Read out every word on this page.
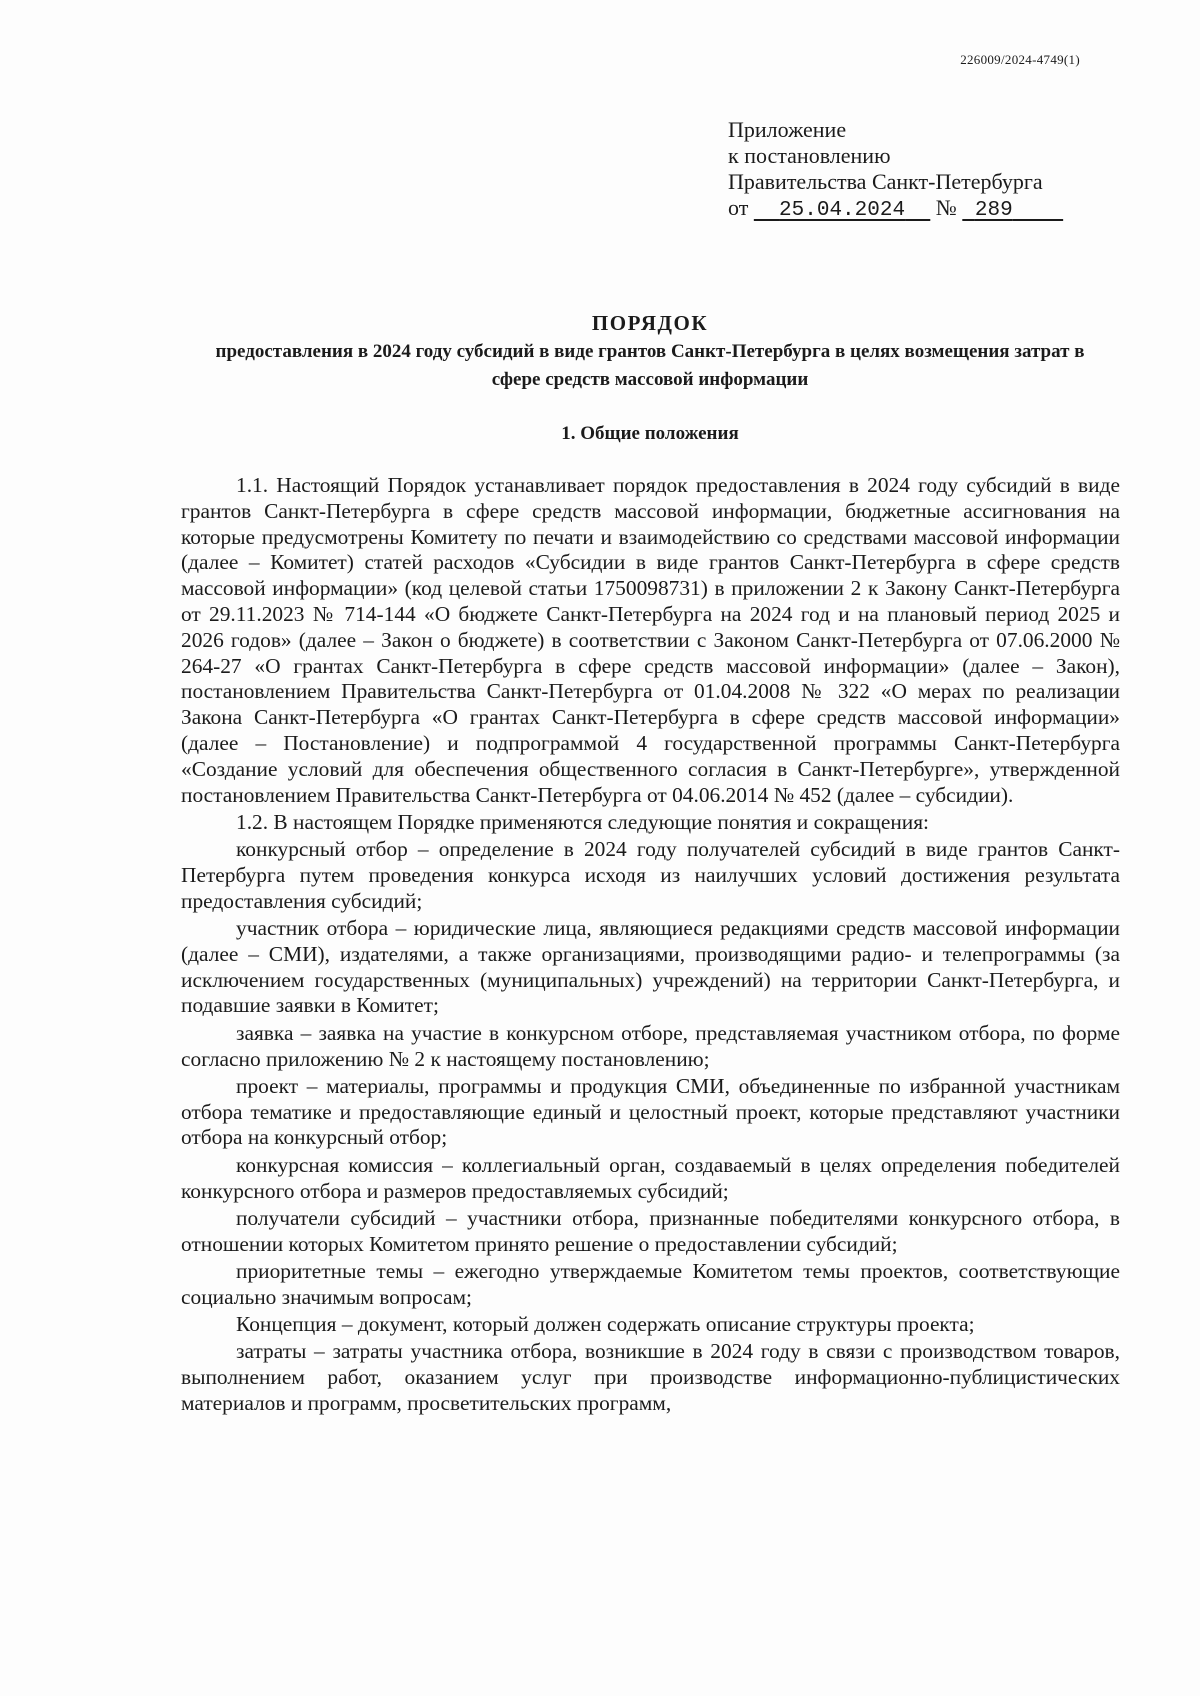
226009/2024-4749(1)
Приложение
к постановлению
Правительства Санкт-Петербурга
от 25.04.2024 № 289
ПОРЯДОК
предоставления в 2024 году субсидий в виде грантов Санкт-Петербурга в целях возмещения затрат в сфере средств массовой информации
1. Общие положения

1.1. Настоящий Порядок устанавливает порядок предоставления в 2024 году субсидий в виде грантов Санкт-Петербурга в сфере средств массовой информации, бюджетные ассигнования на которые предусмотрены Комитету по печати и взаимодействию со средствами массовой информации (далее – Комитет) статей расходов «Субсидии в виде грантов Санкт-Петербурга в сфере средств массовой информации» (код целевой статьи 1750098731) в приложении 2 к Закону Санкт-Петербурга от 29.11.2023 № 714-144 «О бюджете Санкт-Петербурга на 2024 год и на плановый период 2025 и 2026 годов» (далее – Закон о бюджете) в соответствии с Законом Санкт-Петербурга от 07.06.2000 № 264-27 «О грантах Санкт-Петербурга в сфере средств массовой информации» (далее – Закон), постановлением Правительства Санкт-Петербурга от 01.04.2008 № 322 «О мерах по реализации Закона Санкт-Петербурга «О грантах Санкт-Петербурга в сфере средств массовой информации» (далее – Постановление) и подпрограммой 4 государственной программы Санкт-Петербурга «Создание условий для обеспечения общественного согласия в Санкт-Петербурге», утвержденной постановлением Правительства Санкт-Петербурга от 04.06.2014 № 452 (далее – субсидии).

1.2. В настоящем Порядке применяются следующие понятия и сокращения:

конкурсный отбор – определение в 2024 году получателей субсидий в виде грантов Санкт-Петербурга путем проведения конкурса исходя из наилучших условий достижения результата предоставления субсидий;

участник отбора – юридические лица, являющиеся редакциями средств массовой информации (далее – СМИ), издателями, а также организациями, производящими радио- и телепрограммы (за исключением государственных (муниципальных) учреждений) на территории Санкт-Петербурга, и подавшие заявки в Комитет;

заявка – заявка на участие в конкурсном отборе, представляемая участником отбора, по форме согласно приложению № 2 к настоящему постановлению;

проект – материалы, программы и продукция СМИ, объединенные по избранной участникам отбора тематике и предоставляющие единый и целостный проект, которые представляют участники отбора на конкурсный отбор;

конкурсная комиссия – коллегиальный орган, создаваемый в целях определения победителей конкурсного отбора и размеров предоставляемых субсидий;

получатели субсидий – участники отбора, признанные победителями конкурсного отбора, в отношении которых Комитетом принято решение о предоставлении субсидий;

приоритетные темы – ежегодно утверждаемые Комитетом темы проектов, соответствующие социально значимым вопросам;

Концепция – документ, который должен содержать описание структуры проекта;

затраты – затраты участника отбора, возникшие в 2024 году в связи с производством товаров, выполнением работ, оказанием услуг при производстве информационно-публицистических материалов и программ, просветительских программ,
